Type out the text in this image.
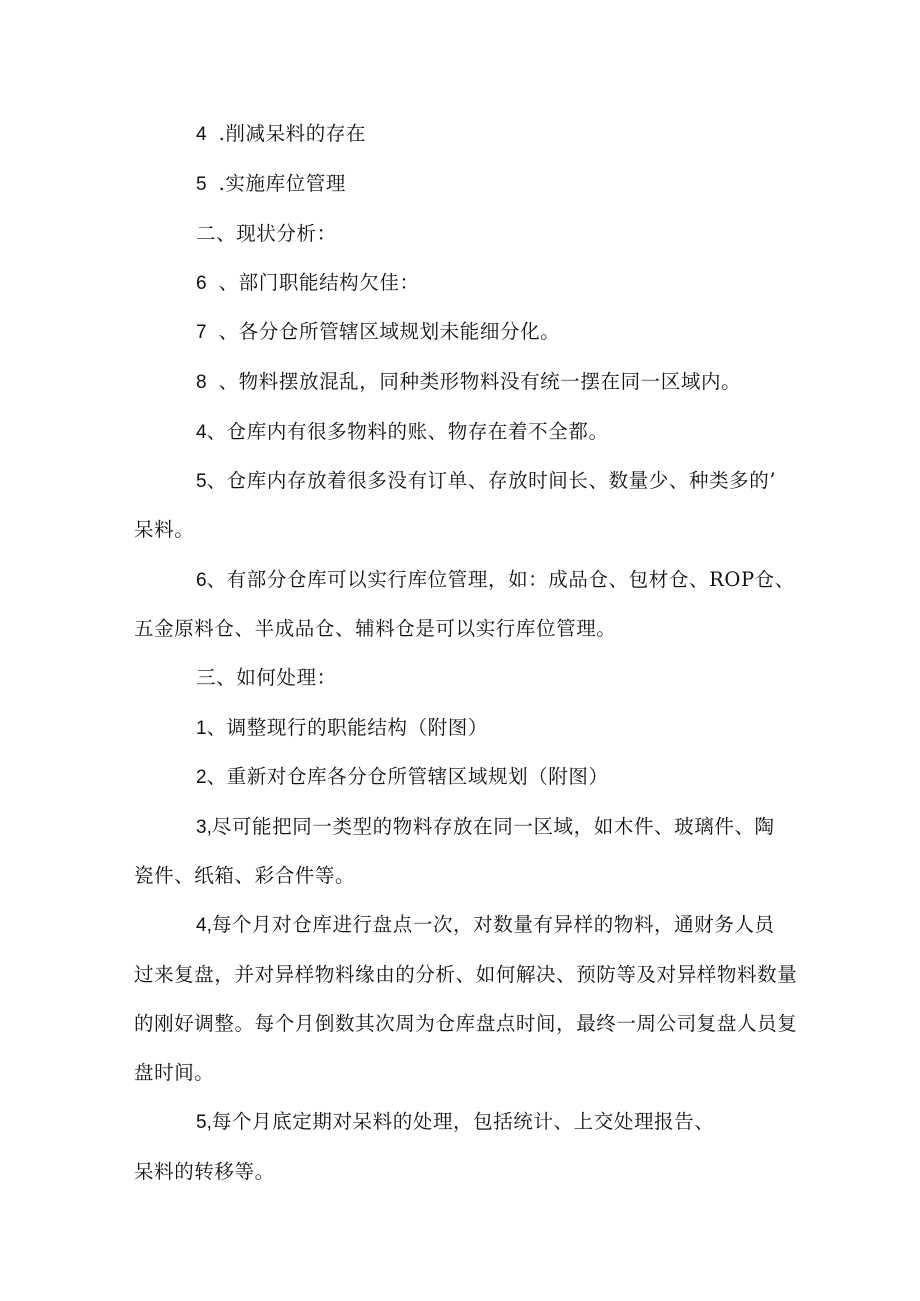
4 .削减呆料的存在
5 .实施库位管理
二、现状分析：
6 、部门职能结构欠佳：
7 、各分仓所管辖区域规划未能细分化。
8 、物料摆放混乱，同种类形物料没有统一摆在同一区域内。
4、仓库内有很多物料的账、物存在着不全都。
5、仓库内存放着很多没有订单、存放时间长、数量少、种类多的’
呆料。
6、有部分仓库可以实行库位管理，如：成品仓、包材仓、ROP仓、
五金原料仓、半成品仓、辅料仓是可以实行库位管理。
三、如何处理：
1、调整现行的职能结构（附图）
2、重新对仓库各分仓所管辖区域规划（附图）
3,尽可能把同一类型的物料存放在同一区域，如木件、玻璃件、陶
瓷件、纸箱、彩合件等。
4,每个月对仓库进行盘点一次，对数量有异样的物料，通财务人员
过来复盘，并对异样物料缘由的分析、如何解决、预防等及对异样物料数量
的刚好调整。每个月倒数其次周为仓库盘点时间，最终一周公司复盘人员复
盘时间。
5,每个月底定期对呆料的处理，包括统计、上交处理报告、
呆料的转移等。
